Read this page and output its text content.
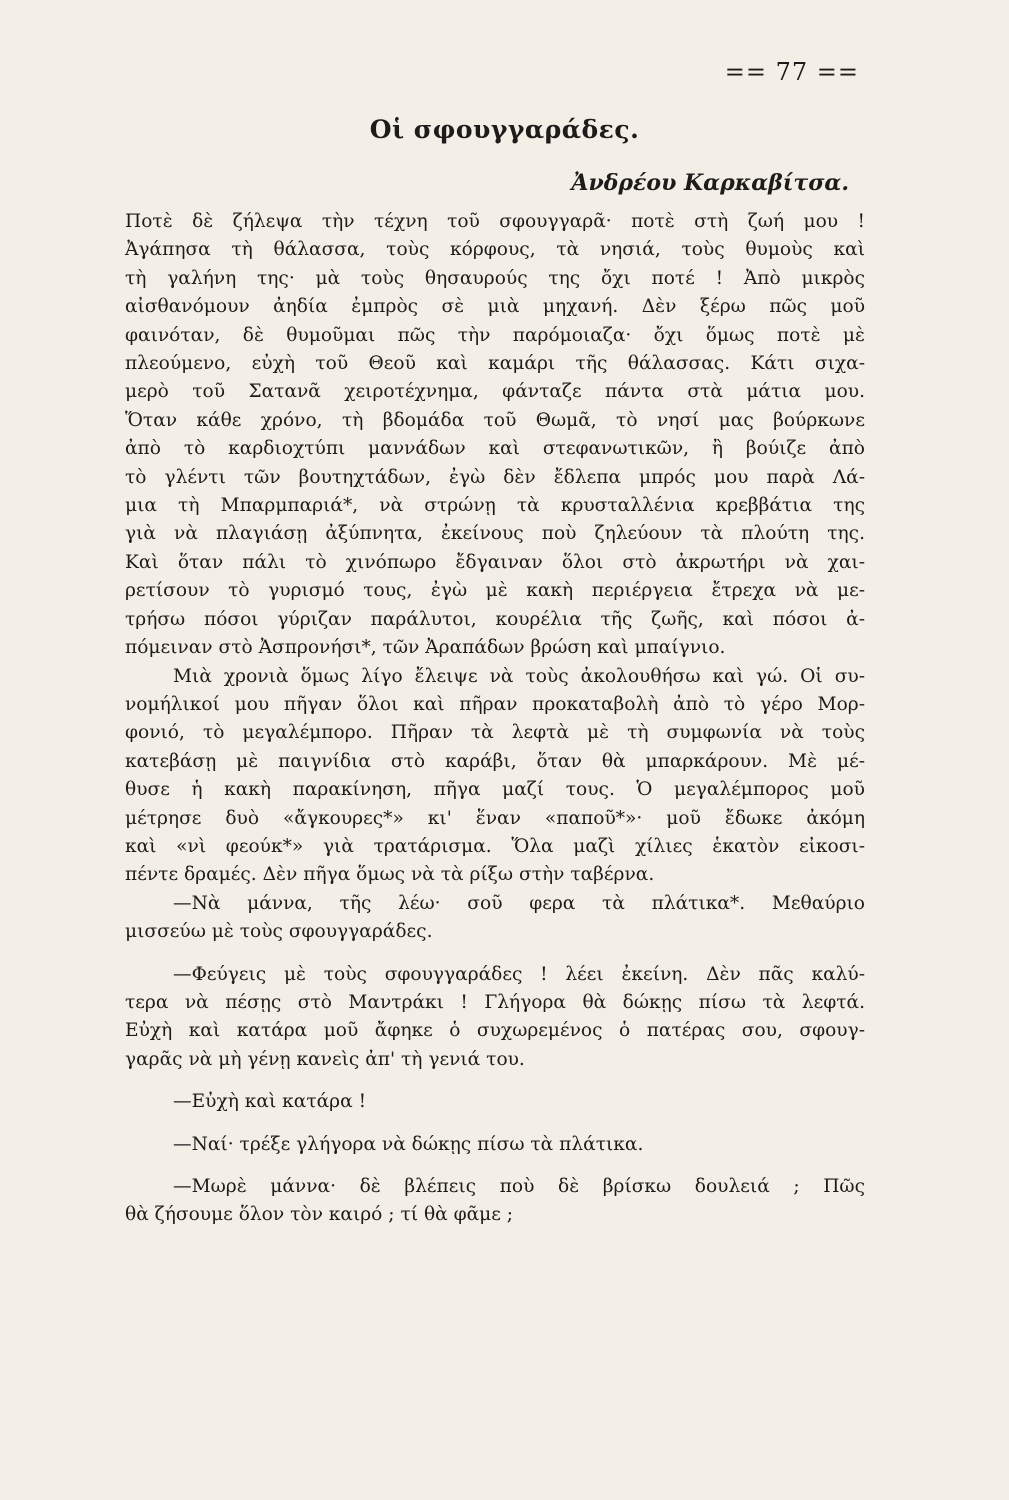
== 77 ==
Οἱ σφουγγαράδες.
Ἀνδρέου Καρκαβίτσα.
Ποτὲ δὲ ζήλεψα τὴν τέχνη τοῦ σφουγγαρᾶ· ποτὲ στὴ ζωή μου !
Ἀγάπησα τὴ θάλασσα, τοὺς κόρφους, τὰ νησιά, τοὺς θυμοὺς καὶ
τὴ γαλήνη της· μὰ τοὺς θησαυρούς της ὄχι ποτέ ! Ἀπὸ μικρὸς
αἰσθανόμουν ἀηδία ἐμπρὸς σὲ μιὰ μηχανή. Δὲν ξέρω πῶς μοῦ
φαινόταν, δὲ θυμοῦμαι πῶς τὴν παρόμοιαζα· ὄχι ὅμως ποτὲ μὲ
πλεούμενο, εὐχὴ τοῦ Θεοῦ καὶ καμάρι τῆς θάλασσας. Κάτι σιχα-
μερὸ τοῦ Σατανᾶ χειροτέχνημα, φάνταζε πάντα στὰ μάτια μου.
Ὅταν κάθε χρόνο, τὴ βδομάδα τοῦ Θωμᾶ, τὸ νησί μας βούρκωνε
ἀπὸ τὸ καρδιοχτύπι μαννάδων καὶ στεφανωτικῶν, ἢ βούιζε ἀπὸ
τὸ γλέντι τῶν βουτηχτάδων, ἐγὼ δὲν ἔδλεπα μπρός μου παρὰ Λά-
μια τὴ Μπαρμπαριά*, νὰ στρώνῃ τὰ κρυσταλλένια κρεββάτια της
γιὰ νὰ πλαγιάσῃ ἀξύπνητα, ἐκείνους ποὺ ζηλεύουν τὰ πλούτη της.
Καὶ ὅταν πάλι τὸ χινόπωρο ἔδγαιναν ὅλοι στὸ ἀκρωτήρι νὰ χαι-
ρετίσουν τὸ γυρισμό τους, ἐγὼ μὲ κακὴ περιέργεια ἔτρεχα νὰ με-
τρήσω πόσοι γύριζαν παράλυτοι, κουρέλια τῆς ζωῆς, καὶ πόσοι ἀ-
πόμειναν στὸ Ἀσπρονήσι*, τῶν Ἀραπάδων βρώση καὶ μπαίγνιο.
Μιὰ χρονιὰ ὅμως λίγο ἔλειψε νὰ τοὺς ἀκολουθήσω καὶ γώ. Οἱ συ-
νομήλικοί μου πῆγαν ὅλοι καὶ πῆραν προκαταβολὴ ἀπὸ τὸ γέρο Μορ-
φονιό, τὸ μεγαλέμπορο. Πῆραν τὰ λεφτὰ μὲ τὴ συμφωνία νὰ τοὺς
κατεβάσῃ μὲ παιγνίδια στὸ καράβι, ὅταν θὰ μπαρκάρουν. Μὲ μέ-
θυσε ἡ κακὴ παρακίνηση, πῆγα μαζί τους. Ὁ μεγαλέμπορος μοῦ
μέτρησε δυὸ «ἄγκουρες*» κι' ἕναν «παποῦ*»· μοῦ ἔδωκε ἀκόμη
καὶ «νὶ φεούκ*» γιὰ τρατάρισμα. Ὅλα μαζὶ χίλιες ἑκατὸν εἰκοσι-
πέντε δραμές. Δὲν πῆγα ὅμως νὰ τὰ ρίξω στὴν ταβέρνα.
—Νὰ μάννα, τῆς λέω· σοῦ φερα τὰ πλάτικα*. Μεθαύριο
μισσεύω μὲ τοὺς σφουγγαράδες.
—Φεύγεις μὲ τοὺς σφουγγαράδες ! λέει ἐκείνη. Δὲν πᾶς καλύ-
τερα νὰ πέσῃς στὸ Μαντράκι ! Γλήγορα θὰ δώκῃς πίσω τὰ λεφτά.
Εὐχὴ καὶ κατάρα μοῦ ἄφηκε ὁ συχωρεμένος ὁ πατέρας σου, σφουγ-
γαρᾶς νὰ μὴ γένῃ κανεὶς ἀπ' τὴ γενιά του.
—Εὐχὴ καὶ κατάρα !
—Ναί· τρέξε γλήγορα νὰ δώκῃς πίσω τὰ πλάτικα.
—Μωρὲ μάννα· δὲ βλέπεις ποὺ δὲ βρίσκω δουλειά ; Πῶς
θὰ ζήσουμε ὅλον τὸν καιρό ; τί θὰ φᾶμε ;
